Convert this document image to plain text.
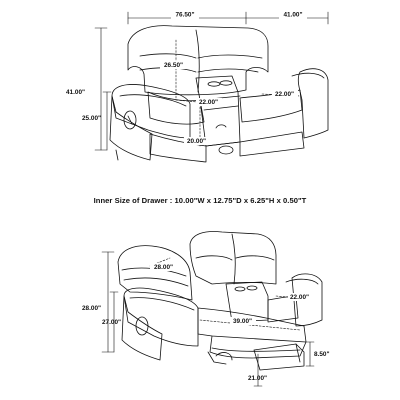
76.50"	41.00"
41.00"
25.00"
26.50"
22.00"
22.00"
20.00"
28.00"
28.00"
27.00"
22.00"
39.00"
8.50"
21.00"
Inner Size of Drawer : 10.00"W x 12.75"D x 6.25"H x 0.50"T
